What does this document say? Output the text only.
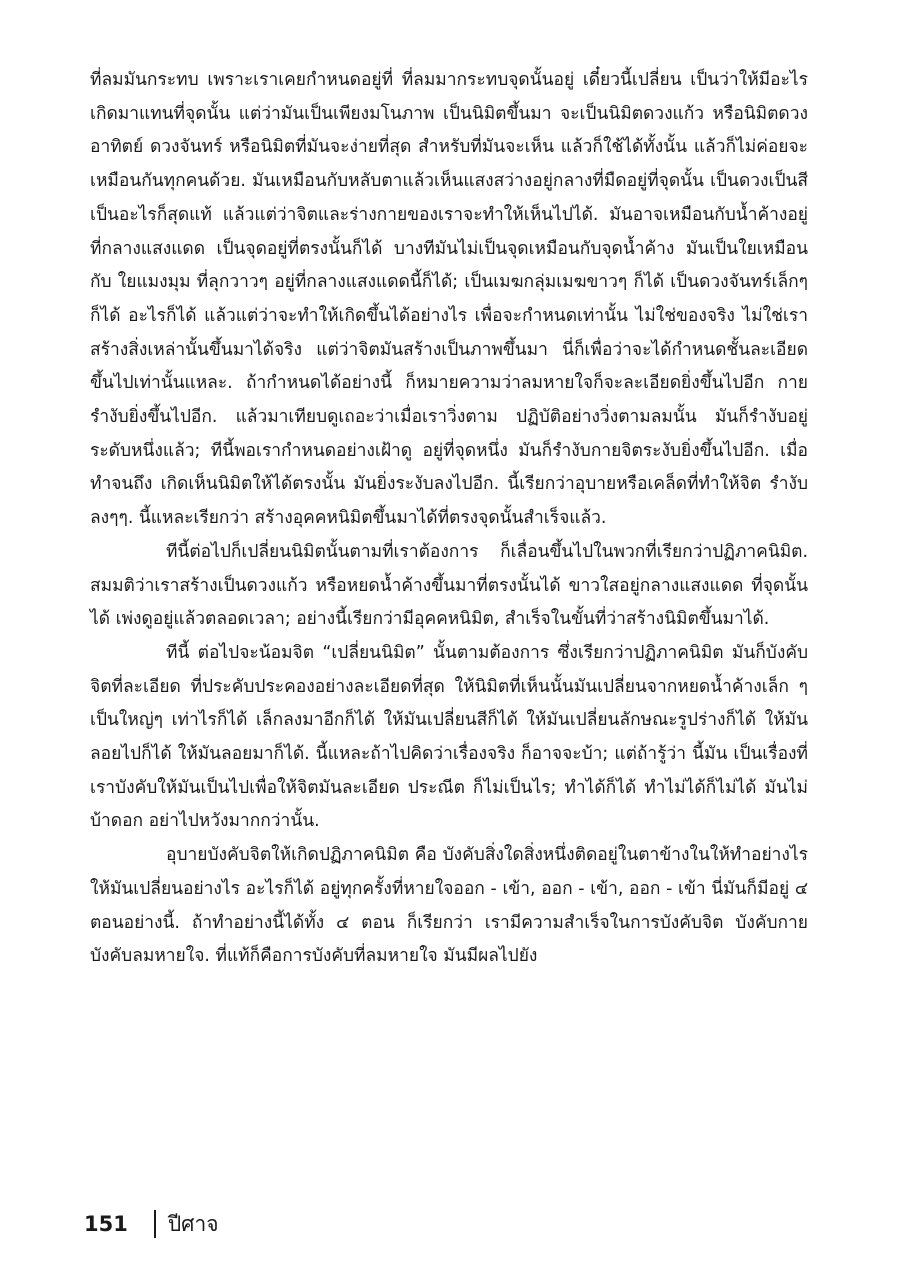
ที่ลมมันกระทบ เพราะเราเคยกำหนดอยู่ที่ ที่ลมมากระทบจุดนั้นอยู่ เดี๋ยวนี้เปลี่ยน เป็นว่าให้มีอะไรเกิดมาแทนที่จุดนั้น แต่ว่ามันเป็นเพียงมโนภาพ เป็นนิมิตขึ้นมา จะเป็นนิมิตดวงแก้ว หรือนิมิตดวงอาทิตย์ ดวงจันทร์ หรือนิมิตที่มันจะง่ายที่สุด สำหรับที่มันจะเห็น แล้วก็ใช้ได้ทั้งนั้น แล้วก็ไม่ค่อยจะเหมือนกันทุกคนด้วย. มันเหมือนกับหลับตาแล้วเห็นแสงสว่างอยู่กลางที่มืดอยู่ที่จุดนั้น เป็นดวงเป็นสีเป็นอะไรก็สุดแท้ แล้วแต่ว่าจิตและร่างกายของเราจะทำให้เห็นไปได้. มันอาจเหมือนกับน้ำค้างอยู่ที่กลางแสงแดด เป็นจุดอยู่ที่ตรงนั้นก็ได้ บางทีมันไม่เป็นจุดเหมือนกับจุดน้ำค้าง มันเป็นใยเหมือนกับ ใยแมงมุม ที่ลุกวาวๆ อยู่ที่กลางแสงแดดนี้ก็ได้; เป็นเมฆกลุ่มเมฆขาวๆ ก็ได้ เป็นดวงจันทร์เล็กๆ ก็ได้ อะไรก็ได้ แล้วแต่ว่าจะทำให้เกิดขึ้นได้อย่างไร เพื่อจะกำหนดเท่านั้น ไม่ใช่ของจริง ไม่ใช่เราสร้างสิ่งเหล่านั้นขึ้นมาได้จริง แต่ว่าจิตมันสร้างเป็นภาพขึ้นมา นี่ก็เพื่อว่าจะได้กำหนดชั้นละเอียดขึ้นไปเท่านั้นแหละ. ถ้ากำหนดได้อย่างนี้ ก็หมายความว่าลมหายใจก็จะละเอียดยิ่งขึ้นไปอีก กายรำงับยิ่งขึ้นไปอีก. แล้วมาเทียบดูเถอะว่าเมื่อเราวิ่งตาม ปฏิบัติอย่างวิ่งตามลมนั้น มันก็รำงับอยู่ระดับหนึ่งแล้ว; ทีนี้พอเรากำหนดอย่างเฝ้าดู อยู่ที่จุดหนึ่ง มันก็รำงับกายจิตระงับยิ่งขึ้นไปอีก. เมื่อทำจนถึง เกิดเห็นนิมิตให้ได้ตรงนั้น มันยิ่งระงับลงไปอีก. นี้เรียกว่าอุบายหรือเคล็ดที่ทำให้จิต รำงับลงๆๆ. นี้แหละเรียกว่า สร้างอุคคหนิมิตขึ้นมาได้ที่ตรงจุดนั้นสำเร็จแล้ว.

ทีนี้ต่อไปก็เปลี่ยนนิมิตนั้นตามที่เราต้องการ ก็เลื่อนขึ้นไปในพวกที่เรียกว่าปฏิภาคนิมิต. สมมติว่าเราสร้างเป็นดวงแก้ว หรือหยดน้ำค้างขึ้นมาที่ตรงนั้นได้ ขาวใสอยู่กลางแสงแดด ที่จุดนั้นได้ เพ่งดูอยู่แล้วตลอดเวลา; อย่างนี้เรียกว่ามีอุคคหนิมิต, สำเร็จในขั้นที่ว่าสร้างนิมิตขึ้นมาได้.

ทีนี้ ต่อไปจะน้อมจิต “เปลี่ยนนิมิต” นั้นตามต้องการ ซึ่งเรียกว่าปฏิภาคนิมิต มันก็บังคับจิตที่ละเอียด ที่ประคับประคองอย่างละเอียดที่สุด ให้นิมิตที่เห็นนั้นมันเปลี่ยนจากหยดน้ำค้างเล็ก ๆ เป็นใหญ่ๆ เท่าไรก็ได้ เล็กลงมาอีกก็ได้ ให้มันเปลี่ยนสีก็ได้ ให้มันเปลี่ยนลักษณะรูปร่างก็ได้ ให้มันลอยไปก็ได้ ให้มันลอยมาก็ได้. นี้แหละถ้าไปคิดว่าเรื่องจริง ก็อาจจะบ้า; แต่ถ้ารู้ว่า นี้มัน เป็นเรื่องที่เราบังคับให้มันเป็นไปเพื่อให้จิตมันละเอียด ประณีต ก็ไม่เป็นไร; ทำได้ก็ได้ ทำไม่ได้ก็ไม่ได้ มันไม่บ้าดอก อย่าไปหวังมากกว่านั้น.

อุบายบังคับจิตให้เกิดปฏิภาคนิมิต คือ บังคับสิ่งใดสิ่งหนึ่งติดอยู่ในตาข้างในให้ทำอย่างไร ให้มันเปลี่ยนอย่างไร อะไรก็ได้ อยู่ทุกครั้งที่หายใจออก - เข้า, ออก - เข้า, ออก - เข้า นี่มันก็มีอยู่ ๔ ตอนอย่างนี้. ถ้าทำอย่างนี้ได้ทั้ง ๔ ตอน ก็เรียกว่า เรามีความสำเร็จในการบังคับจิต บังคับกาย บังคับลมหายใจ. ที่แท้ก็คือการบังคับที่ลมหายใจ มันมีผลไปยัง

151 ปีศาจ
